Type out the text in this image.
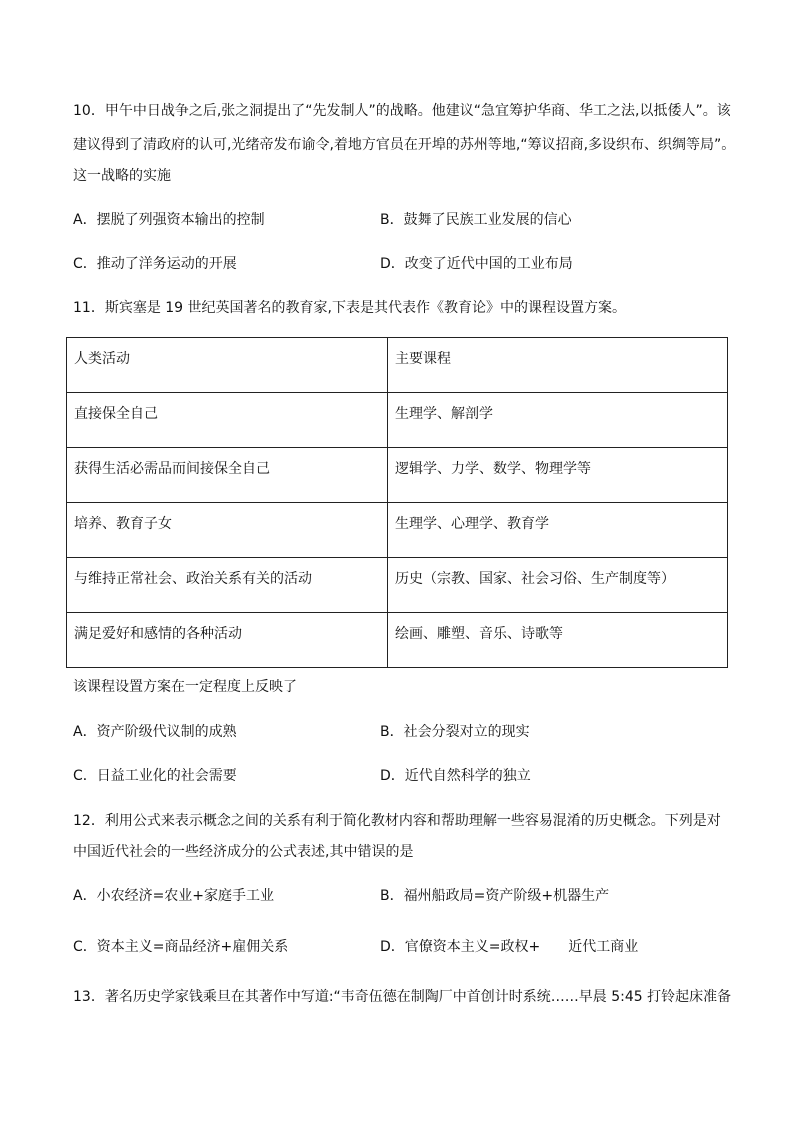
10．甲午中日战争之后,张之洞提出了“先发制人”的战略。他建议“急宜筹护华商、华工之法,以抵倭人”。该
建议得到了清政府的认可,光绪帝发布谕令,着地方官员在开埠的苏州等地,“筹议招商,多设织布、织绸等局”。
这一战略的实施
A．摆脱了列强资本输出的控制	B．鼓舞了民族工业发展的信心
C．推动了洋务运动的开展	D．改变了近代中国的工业布局
11．斯宾塞是 19 世纪英国著名的教育家,下表是其代表作《教育论》中的课程设置方案。
人类活动	主要课程

直接保全自己	生理学、解剖学

获得生活必需品而间接保全自己	逻辑学、力学、数学、物理学等

培养、教育子女	生理学、心理学、教育学

与维持正常社会、政治关系有关的活动	历史（宗教、国家、社会习俗、生产制度等）

满足爱好和感情的各种活动	绘画、雕塑、音乐、诗歌等
该课程设置方案在一定程度上反映了
A．资产阶级代议制的成熟	B．社会分裂对立的现实
C．日益工业化的社会需要	D．近代自然科学的独立
12．利用公式来表示概念之间的关系有利于简化教材内容和帮助理解一些容易混淆的历史概念。下列是对
中国近代社会的一些经济成分的公式表述,其中错误的是
A．小农经济=农业+家庭手工业	B．福州船政局=资产阶级+机器生产
C．资本主义=商品经济+雇佣关系	D．官僚资本主义=政权+　　近代工商业
13．著名历史学家钱乘旦在其著作中写道:“韦奇伍德在制陶厂中首创计时系统……早晨 5:45 打铃起床准备
